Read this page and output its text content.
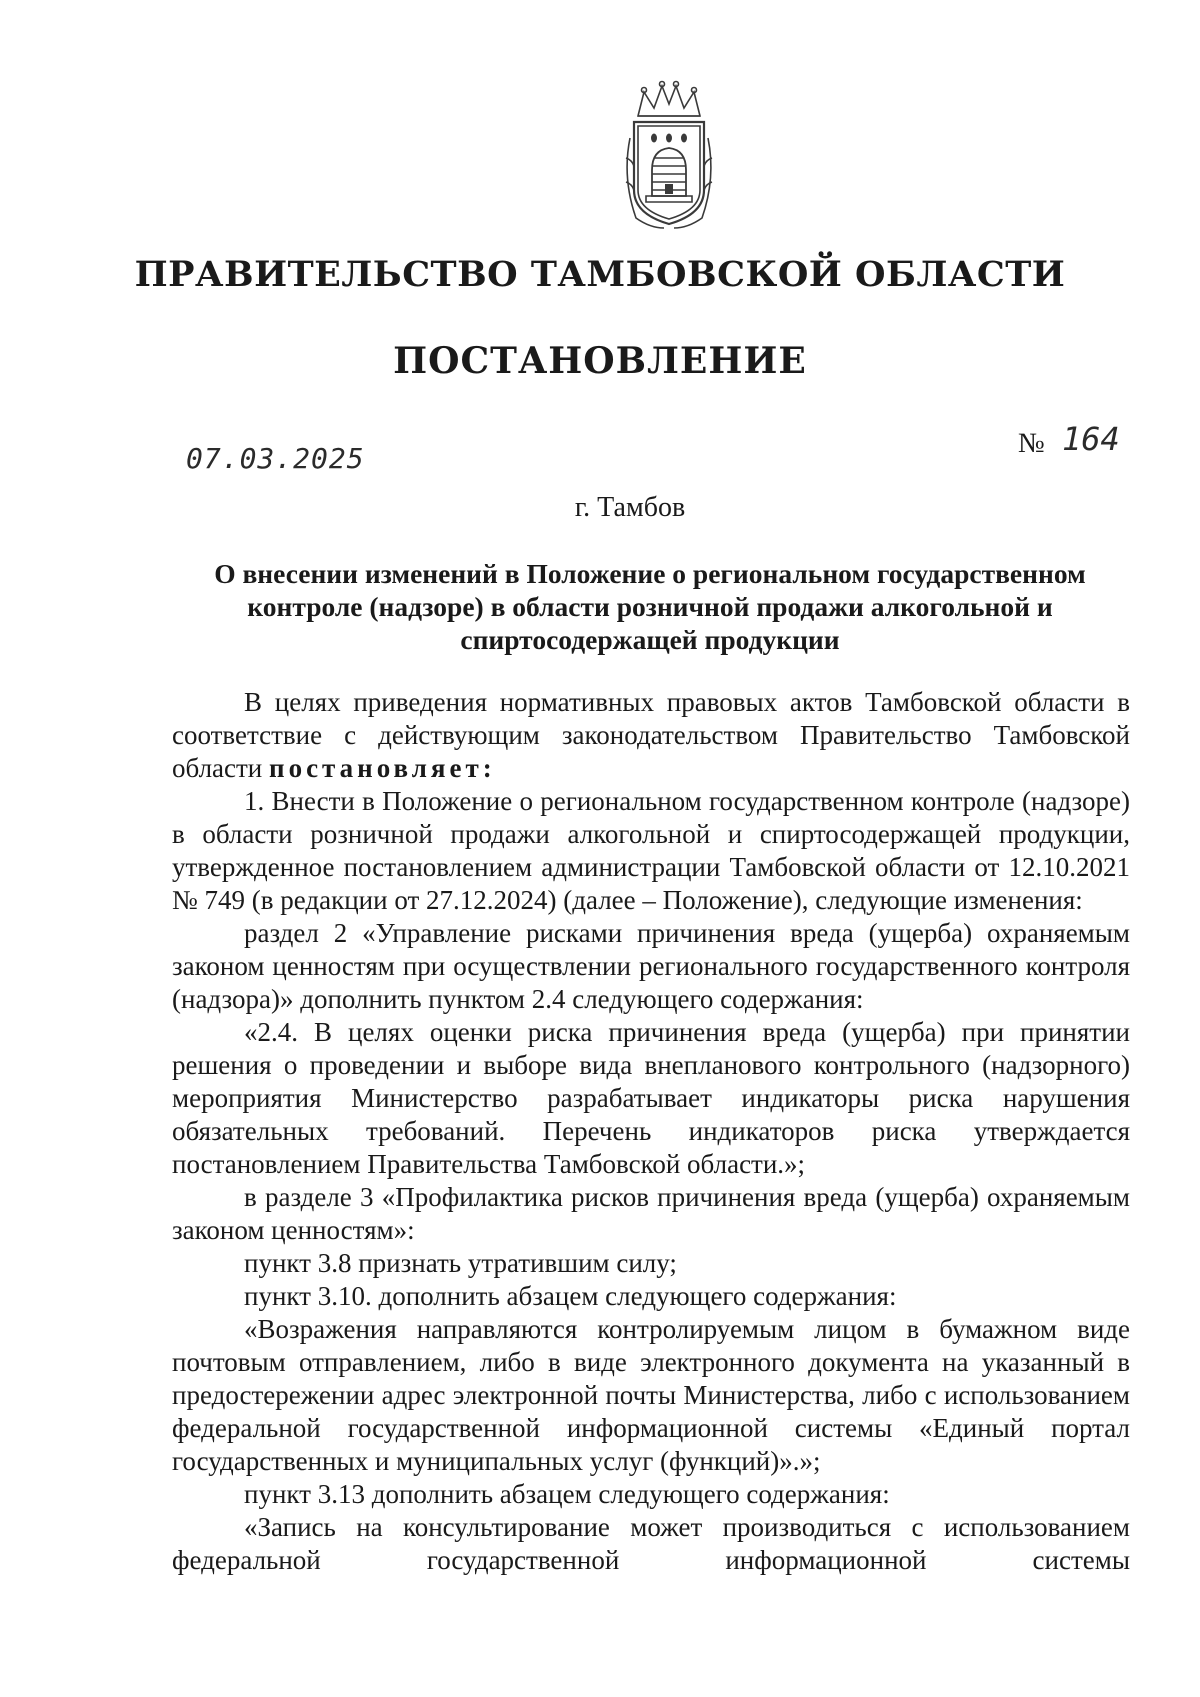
ПРАВИТЕЛЬСТВО ТАМБОВСКОЙ ОБЛАСТИ
ПОСТАНОВЛЕНИЕ
07.03.2025	№ 164
г. Тамбов
О внесении изменений в Положение о региональном государственном контроле (надзоре) в области розничной продажи алкогольной и спиртосодержащей продукции

В целях приведения нормативных правовых актов Тамбовской области в соответствие с действующим законодательством Правительство Тамбовской области постановляет:

1. Внести в Положение о региональном государственном контроле (надзоре) в области розничной продажи алкогольной и спиртосодержащей продукции, утвержденное постановлением администрации Тамбовской области от 12.10.2021 № 749 (в редакции от 27.12.2024) (далее – Положение), следующие изменения:

раздел 2 «Управление рисками причинения вреда (ущерба) охраняемым законом ценностям при осуществлении регионального государственного контроля (надзора)» дополнить пунктом 2.4 следующего содержания:

«2.4. В целях оценки риска причинения вреда (ущерба) при принятии решения о проведении и выборе вида внепланового контрольного (надзорного) мероприятия Министерство разрабатывает индикаторы риска нарушения обязательных требований. Перечень индикаторов риска утверждается постановлением Правительства Тамбовской области.»;

в разделе 3 «Профилактика рисков причинения вреда (ущерба) охраняемым законом ценностям»:

пункт 3.8 признать утратившим силу;

пункт 3.10. дополнить абзацем следующего содержания:

«Возражения направляются контролируемым лицом в бумажном виде почтовым отправлением, либо в виде электронного документа на указанный в предостережении адрес электронной почты Министерства, либо с использованием федеральной государственной информационной системы «Единый портал государственных и муниципальных услуг (функций)».»;

пункт 3.13 дополнить абзацем следующего содержания:

«Запись на консультирование может производиться с использованием федеральной государственной информационной системы
